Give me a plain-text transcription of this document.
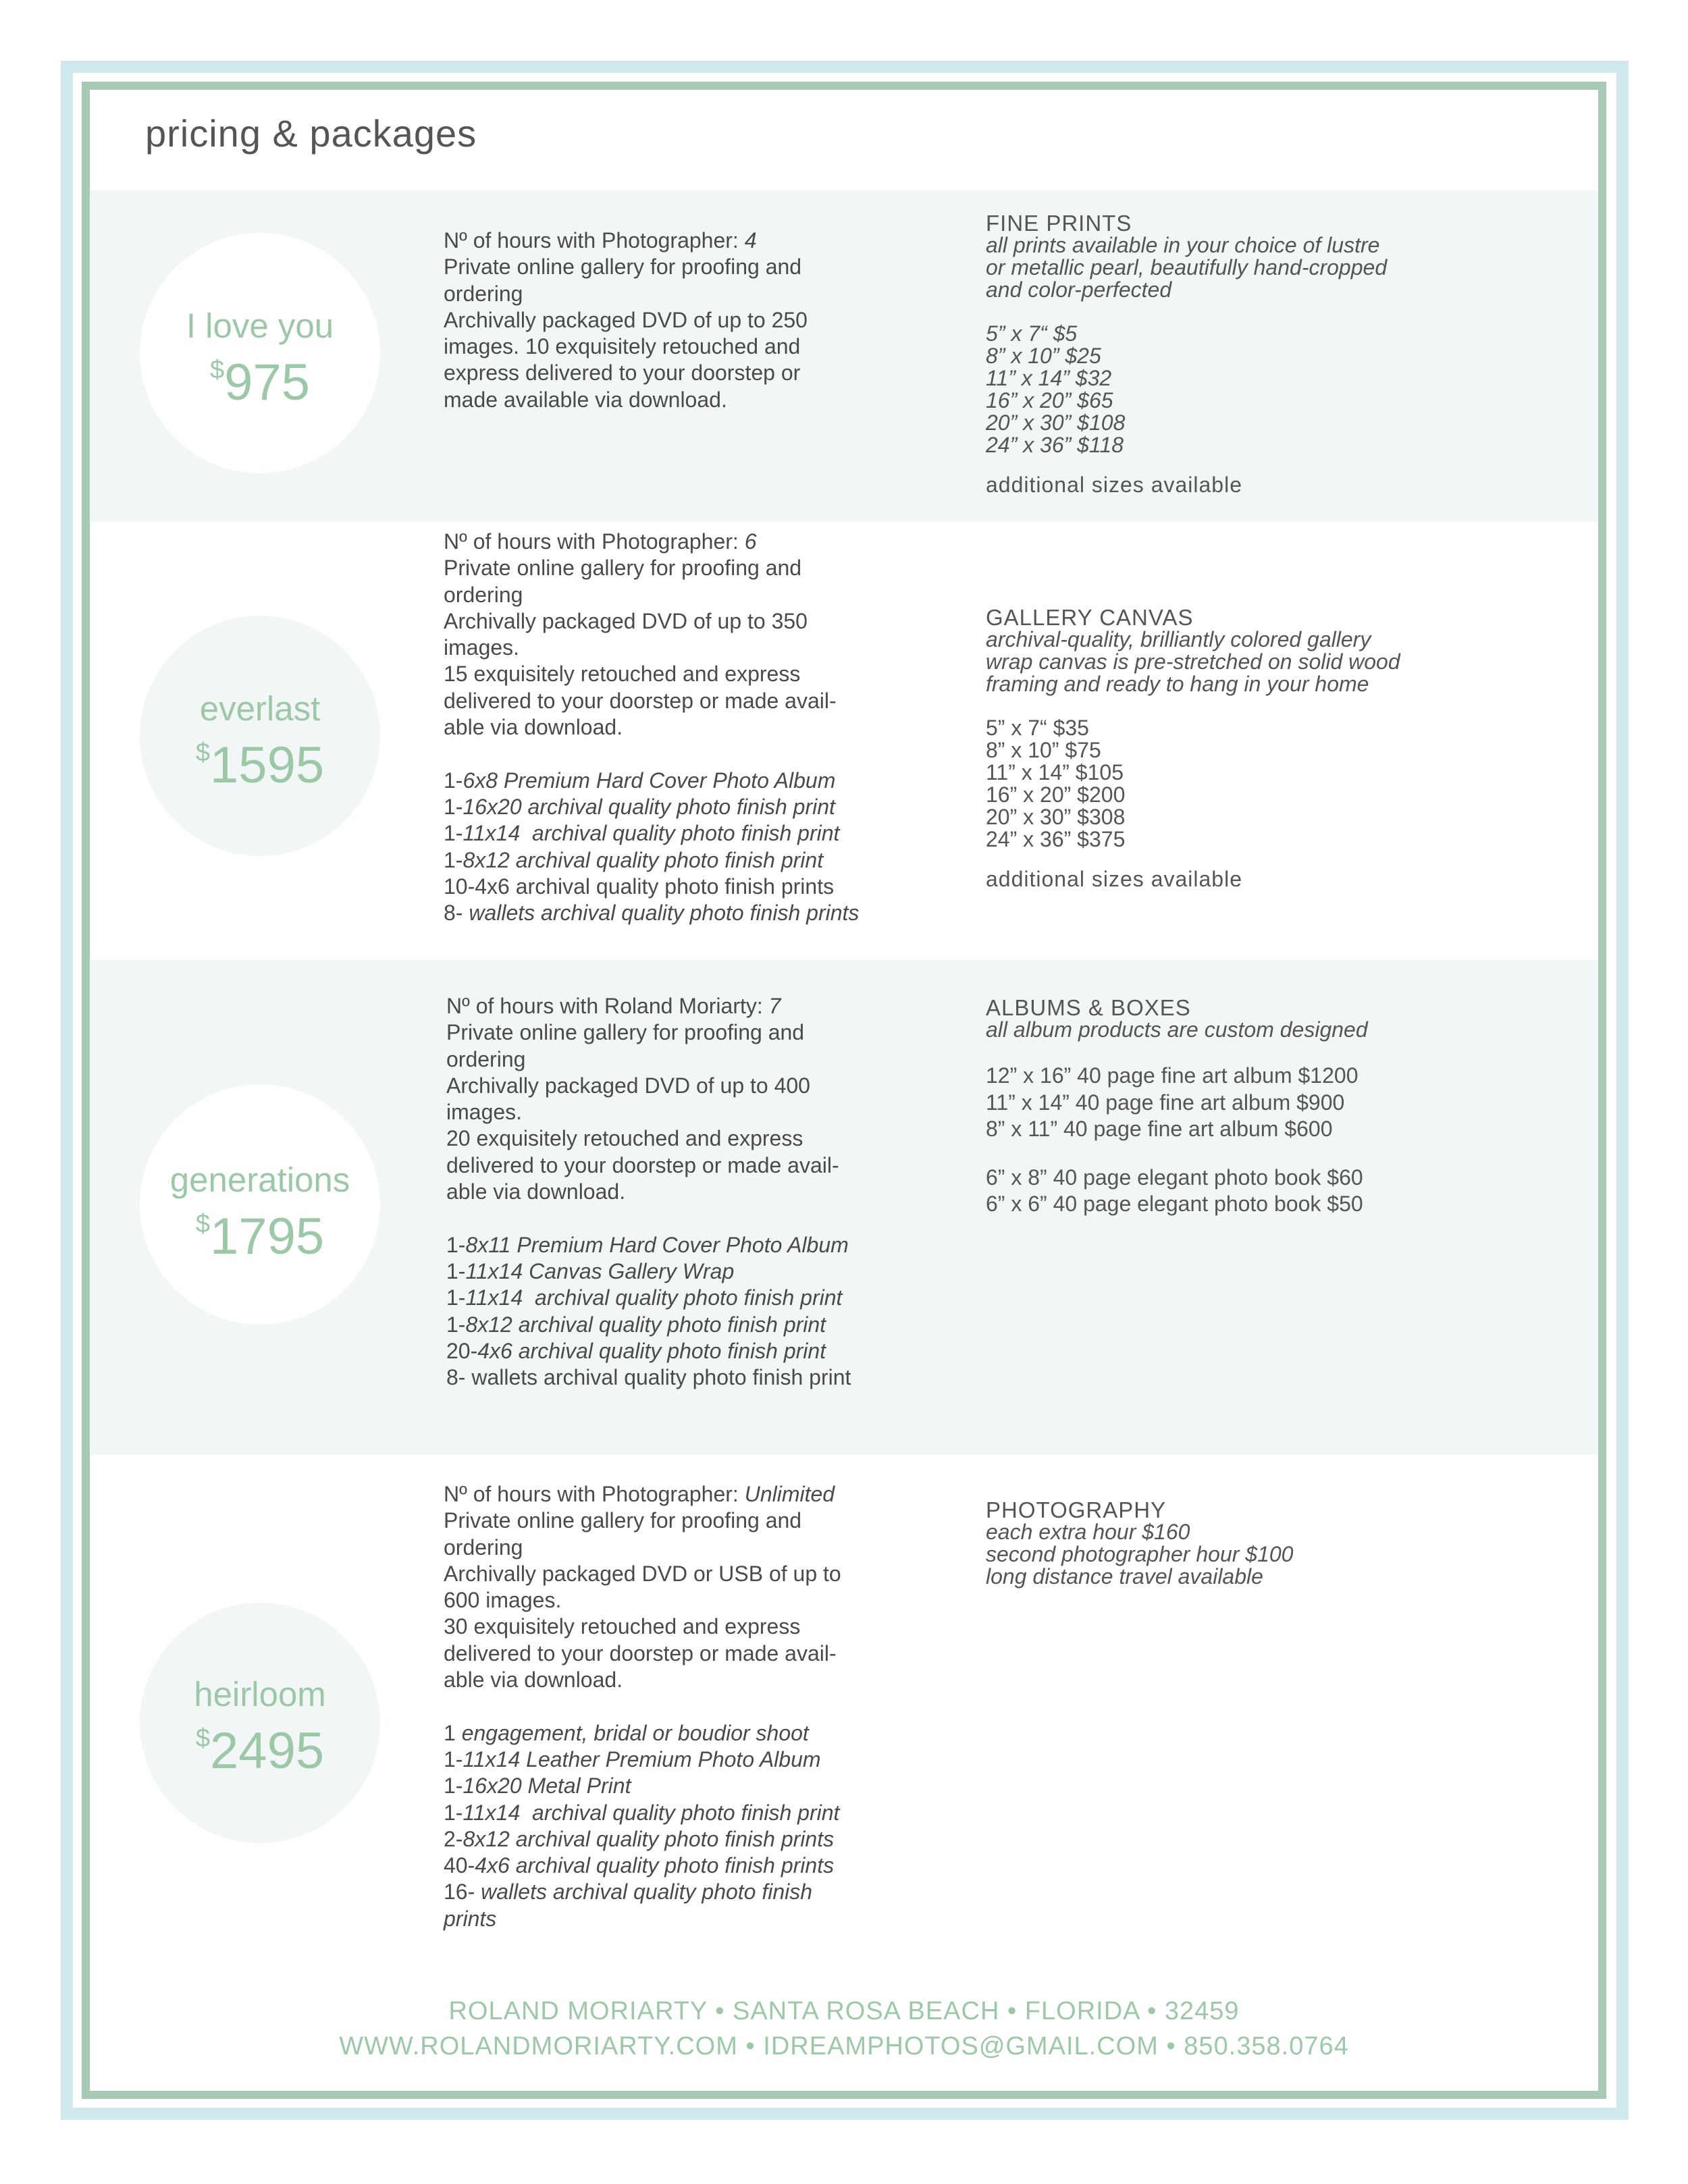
pricing & packages
I love you
$975
everlast
$1595
generations
$1795
heirloom
$2495
Nº of hours with Photographer: 4
Private online gallery for proofing and
ordering
Archivally packaged DVD of up to 250
images. 10 exquisitely retouched and
express delivered to your doorstep or
made available via download.
Nº of hours with Photographer: 6
Private online gallery for proofing and
ordering
Archivally packaged DVD of up to 350
images.
15 exquisitely retouched and express
delivered to your doorstep or made avail-
able via download.

1-6x8 Premium Hard Cover Photo Album
1-16x20 archival quality photo finish print
1-11x14  archival quality photo finish print
1-8x12 archival quality photo finish print
10-4x6 archival quality photo finish prints
8- wallets archival quality photo finish prints
Nº of hours with Roland Moriarty: 7
Private online gallery for proofing and
ordering
Archivally packaged DVD of up to 400
images.
20 exquisitely retouched and express
delivered to your doorstep or made avail-
able via download.

1-8x11 Premium Hard Cover Photo Album
1-11x14 Canvas Gallery Wrap
1-11x14  archival quality photo finish print
1-8x12 archival quality photo finish print
20-4x6 archival quality photo finish print
8- wallets archival quality photo finish print
Nº of hours with Photographer: Unlimited
Private online gallery for proofing and
ordering
Archivally packaged DVD or USB of up to
600 images.
30 exquisitely retouched and express
delivered to your doorstep or made avail-
able via download.

1 engagement, bridal or boudior shoot
1-11x14 Leather Premium Photo Album
1-16x20 Metal Print
1-11x14  archival quality photo finish print
2-8x12 archival quality photo finish prints
40-4x6 archival quality photo finish prints
16- wallets archival quality photo finish
prints
FINE PRINTS
all prints available in your choice of lustre
or metallic pearl, beautifully hand-cropped
and color-perfected
5” x 7“ $5
8” x 10” $25
11” x 14” $32
16” x 20” $65
20” x 30” $108
24” x 36” $118
additional sizes available
GALLERY CANVAS
archival-quality, brilliantly colored gallery
wrap canvas is pre-stretched on solid wood
framing and ready to hang in your home
5” x 7“ $35
8” x 10” $75
11” x 14” $105
16” x 20” $200
20” x 30” $308
24” x 36” $375
additional sizes available
ALBUMS & BOXES
all album products are custom designed
12” x 16” 40 page fine art album $1200
11” x 14” 40 page fine art album $900
8” x 11” 40 page fine art album $600
6” x 8” 40 page elegant photo book $60
6” x 6” 40 page elegant photo book $50
PHOTOGRAPHY
each extra hour $160
second photographer hour $100
long distance travel available
ROLAND MORIARTY • SANTA ROSA BEACH • FLORIDA • 32459
WWW.ROLANDMORIARTY.COM • IDREAMPHOTOS@GMAIL.COM • 850.358.0764
